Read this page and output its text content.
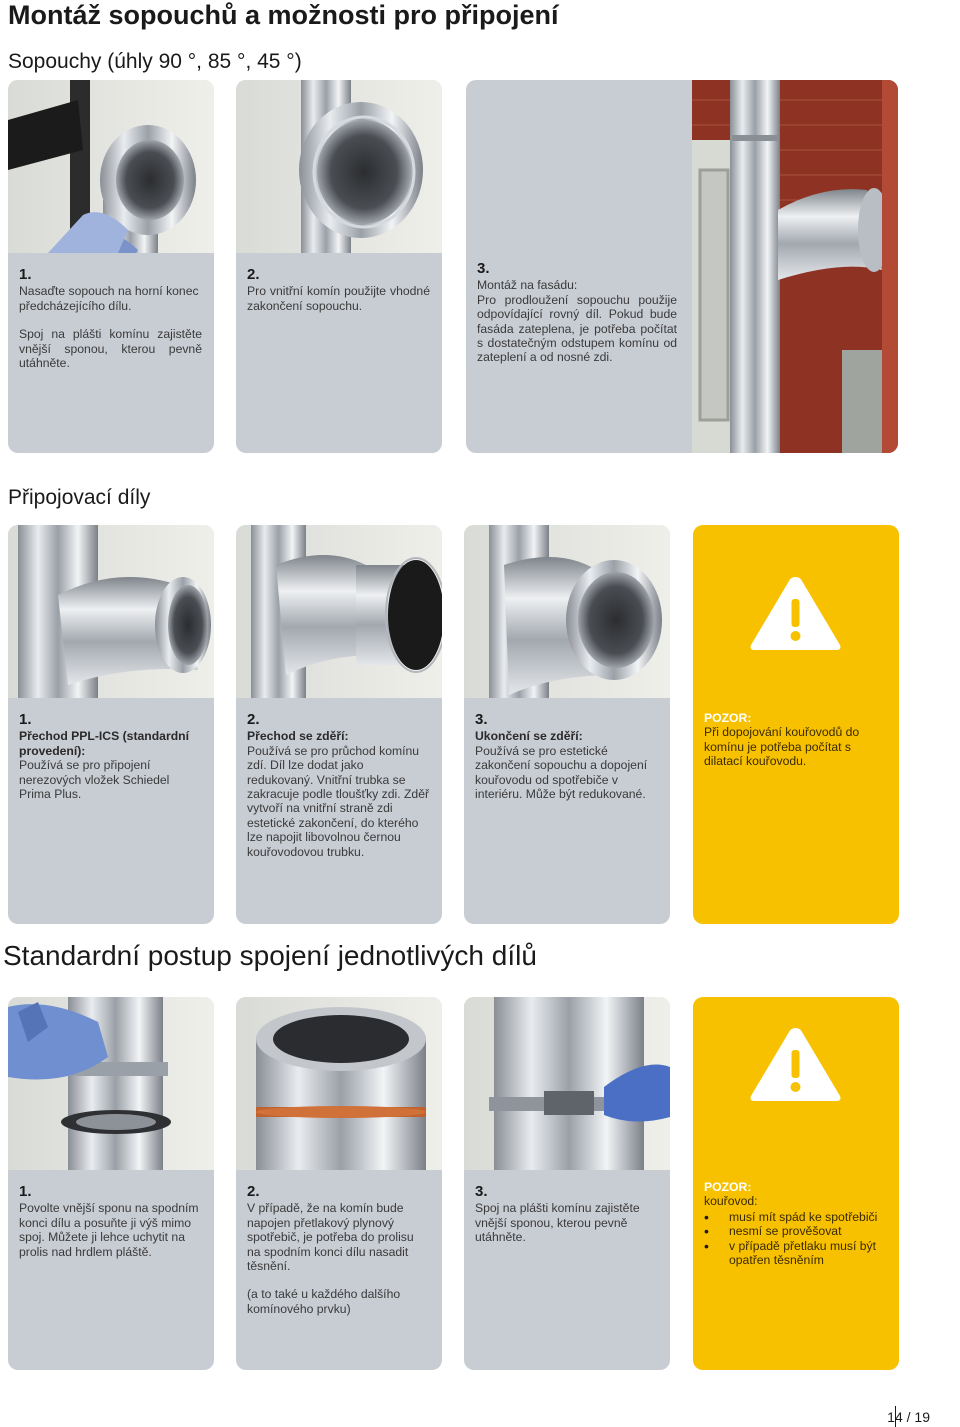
Montáž sopouchů a možnosti pro připojení
Sopouchy (úhly 90 °, 85 °, 45 °)
1.

Nasaďte sopouch na horní konec předcházejícího dílu.

Spoj na plášti komínu zajistěte vnější sponou, kterou pevně utáhněte.

2.

Pro vnitřní komín použijte vhodné zakončení sopouchu.

3.

Montáž na fasádu:

Pro prodloužení sopouchu použije odpovídající rovný díl. Pokud bude fasáda zateplena, je potřeba počítat s dostatečným odstupem komínu od zateplení a od nosné zdi.

Připojovací díly
1.

Přechod PPL-ICS (standardní provedení):

Používá se pro připojení nerezových vložek Schiedel Prima Plus.

2.

Přechod se zděří:

Používá se pro průchod komínu zdí. Díl lze dodat jako redukovaný. Vnitřní trubka se zakracuje podle tloušťky zdi. Zděř vytvoří na vnitřní straně zdi estetické zakončení, do kterého lze napojit libovolnou černou kouřovodovou trubku.

3.

Ukončení se zděří:

Používá se pro estetické zakončení sopouchu a dopojení kouřovodu od spotřebiče v interiéru. Může být redukované.

POZOR:

Při dopojování kouřovodů do komínu je potřeba počítat s dilatací kouřovodu.

Standardní postup spojení jednotlivých dílů
1.

Povolte vnější sponu na spodním konci dílu a posuňte ji výš mimo spoj. Můžete ji lehce uchytit na prolis nad hrdlem pláště.

2.

V případě, že na komín bude napojen přetlakový plynový spotřebič, je potřeba do prolisu na spodním konci dílu nasadit těsnění.

(a to také u každého dalšího komínového prvku)

3.

Spoj na plášti komínu zajistěte vnější sponou, kterou pevně utáhněte.

POZOR:

kouřovod:

• musí mít spád ke spotřebiči
• nesmí se prověšovat
• v případě přetlaku musí být opatřen těsněním
14 / 19
